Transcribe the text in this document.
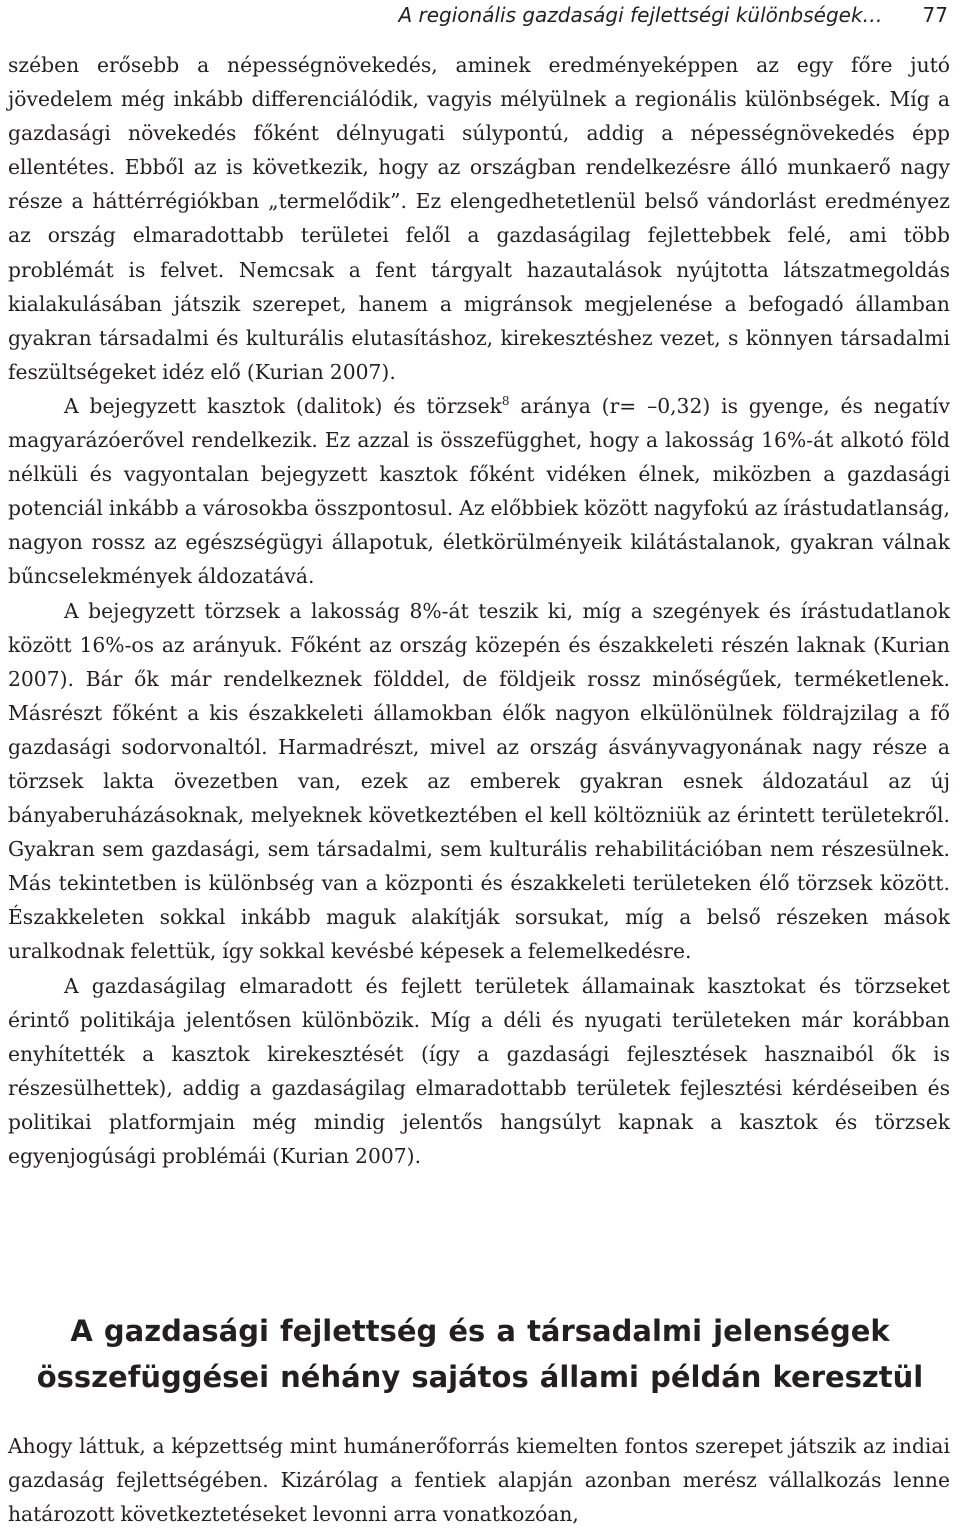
A regionális gazdasági fejlettségi különbségek… 77

szében erősebb a népességnövekedés, aminek eredményeképpen az egy főre jutó jövedelem még inkább differenciálódik, vagyis mélyülnek a regionális különbségek. Míg a gazdasági növekedés főként délnyugati súlypontú, addig a népességnövekedés épp ellentétes. Ebből az is következik, hogy az országban rendelkezésre álló munkaerő nagy része a háttérrégiókban „termelődik”. Ez elengedhetetlenül belső vándorlást eredményez az ország elmaradottabb területei felől a gazdaságilag fejlettebbek felé, ami több problémát is felvet. Nemcsak a fent tárgyalt hazautalások nyújtotta látszatmegoldás kialakulásában játszik szerepet, hanem a migránsok megjelenése a befogadó államban gyakran társadalmi és kulturális elutasításhoz, kirekesztéshez vezet, s könnyen társadalmi feszültségeket idéz elő (Kurian 2007).

A bejegyzett kasztok (dalitok) és törzsek$^8$ aránya (r= –0,32) is gyenge, és negatív magyarázóerővel rendelkezik. Ez azzal is összefügghet, hogy a lakosság 16%-át alkotó föld nélküli és vagyontalan bejegyzett kasztok főként vidéken élnek, miközben a gazdasági potenciál inkább a városokba összpontosul. Az előbbiek között nagyfokú az írástudatlanság, nagyon rossz az egészségügyi állapotuk, életkörülményeik kilátástalanok, gyakran válnak bűncselekmények áldozatává.

A bejegyzett törzsek a lakosság 8%-át teszik ki, míg a szegények és írástudatlanok között 16%-os az arányuk. Főként az ország közepén és északkeleti részén laknak (Kurian 2007). Bár ők már rendelkeznek földdel, de földjeik rossz minőségűek, terméketlenek. Másrészt főként a kis északkeleti államokban élők nagyon elkülönülnek földrajzilag a fő gazdasági sodorvonaltól. Harmadrészt, mivel az ország ásványvagyonának nagy része a törzsek lakta övezetben van, ezek az emberek gyakran esnek áldozatául az új bányaberuházásoknak, melyeknek következtében el kell költözniük az érintett területekről. Gyakran sem gazdasági, sem társadalmi, sem kulturális rehabilitációban nem részesülnek. Más tekintetben is különbség van a központi és északkeleti területeken élő törzsek között. Északkeleten sokkal inkább maguk alakítják sorsukat, míg a belső részeken mások uralkodnak felettük, így sokkal kevésbé képesek a felemelkedésre.

A gazdaságilag elmaradott és fejlett területek államainak kasztokat és törzseket érintő politikája jelentősen különbözik. Míg a déli és nyugati területeken már korábban enyhítették a kasztok kirekesztését (így a gazdasági fejlesztések hasznaiból ők is részesülhettek), addig a gazdaságilag elmaradottabb területek fejlesztési kérdéseiben és politikai platformjain még mindig jelentős hangsúlyt kapnak a kasztok és törzsek egyenjogúsági problémái (Kurian 2007).

A gazdasági fejlettség és a társadalmi jelenségek
összefüggései néhány sajátos állami példán keresztül

Ahogy láttuk, a képzettség mint humánerőforrás kiemelten fontos szerepet játszik az indiai gazdaság fejlettségében. Kizárólag a fentiek alapján azonban merész vállalkozás lenne határozott következtetéseket levonni arra vonatkozóan,
